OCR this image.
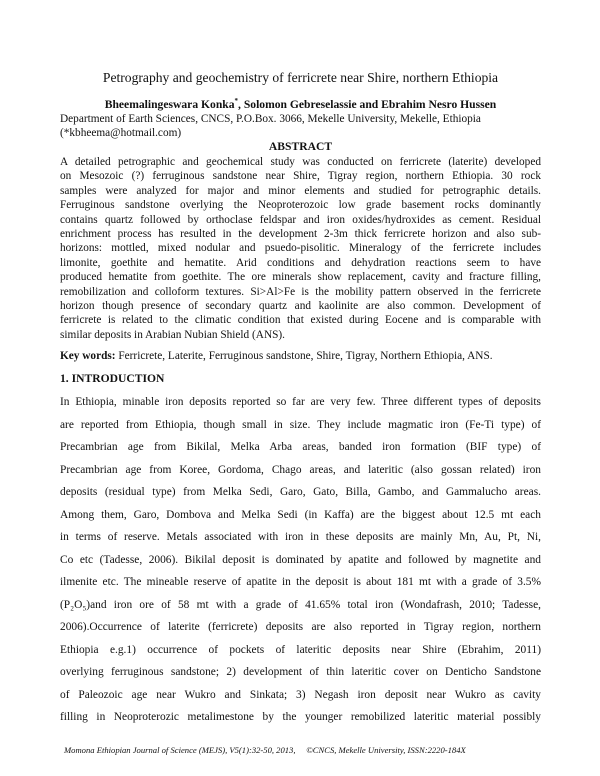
Petrography and geochemistry of ferricrete near Shire, northern Ethiopia
Bheemalingeswara Konka*, Solomon Gebreselassie and Ebrahim Nesro Hussen
Department of Earth Sciences, CNCS, P.O.Box. 3066, Mekelle University, Mekelle, Ethiopia
(*kbheema@hotmail.com)
ABSTRACT
A detailed petrographic and geochemical study was conducted on ferricrete (laterite) developed
on Mesozoic (?) ferruginous sandstone near Shire, Tigray region, northern Ethiopia. 30 rock
samples were analyzed for major and minor elements and studied for petrographic details.
Ferruginous sandstone overlying the Neoproterozoic low grade basement rocks dominantly
contains quartz followed by orthoclase feldspar and iron oxides/hydroxides as cement. Residual
enrichment process has resulted in the development 2-3m thick ferricrete horizon and also sub-
horizons: mottled, mixed nodular and psuedo-pisolitic. Mineralogy of the ferricrete includes
limonite, goethite and hematite. Arid conditions and dehydration reactions seem to have
produced hematite from goethite. The ore minerals show replacement, cavity and fracture filling,
remobilization and colloform textures. Si>Al>Fe is the mobility pattern observed in the ferricrete
horizon though presence of secondary quartz and kaolinite are also common. Development of
ferricrete is related to the climatic condition that existed during Eocene and is comparable with
similar deposits in Arabian Nubian Shield (ANS).
Key words: Ferricrete, Laterite, Ferruginous sandstone, Shire, Tigray, Northern Ethiopia, ANS.
1. INTRODUCTION
In Ethiopia, minable iron deposits reported so far are very few. Three different types of deposits
are reported from Ethiopia, though small in size. They include magmatic iron (Fe-Ti type) of
Precambrian age from Bikilal, Melka Arba areas, banded iron formation (BIF type) of
Precambrian age from Koree, Gordoma, Chago areas, and lateritic (also gossan related) iron
deposits (residual type) from Melka Sedi, Garo, Gato, Billa, Gambo, and Gammalucho areas.
Among them, Garo, Dombova and Melka Sedi (in Kaffa) are the biggest about 12.5 mt each
in terms of reserve. Metals associated with iron in these deposits are mainly Mn, Au, Pt, Ni,
Co etc (Tadesse, 2006). Bikilal deposit is dominated by apatite and followed by magnetite and
ilmenite etc. The mineable reserve of apatite in the deposit is about 181 mt with a grade of 3.5%
(P₂O₅)and iron ore of 58 mt with a grade of 41.65% total iron (Wondafrash, 2010; Tadesse,
2006).Occurrence of laterite (ferricrete) deposits are also reported in Tigray region, northern
Ethiopia e.g.1) occurrence of pockets of lateritic deposits near Shire (Ebrahim, 2011)
overlying ferruginous sandstone; 2) development of thin lateritic cover on Denticho Sandstone
of Paleozoic age near Wukro and Sinkata; 3) Negash iron deposit near Wukro as cavity
filling in Neoproterozic metalimestone by the younger remobilized lateritic material possibly
Momona Ethiopian Journal of Science (MEJS), V5(1):32-50, 2013,     ©CNCS, Mekelle University, ISSN:2220-184X
